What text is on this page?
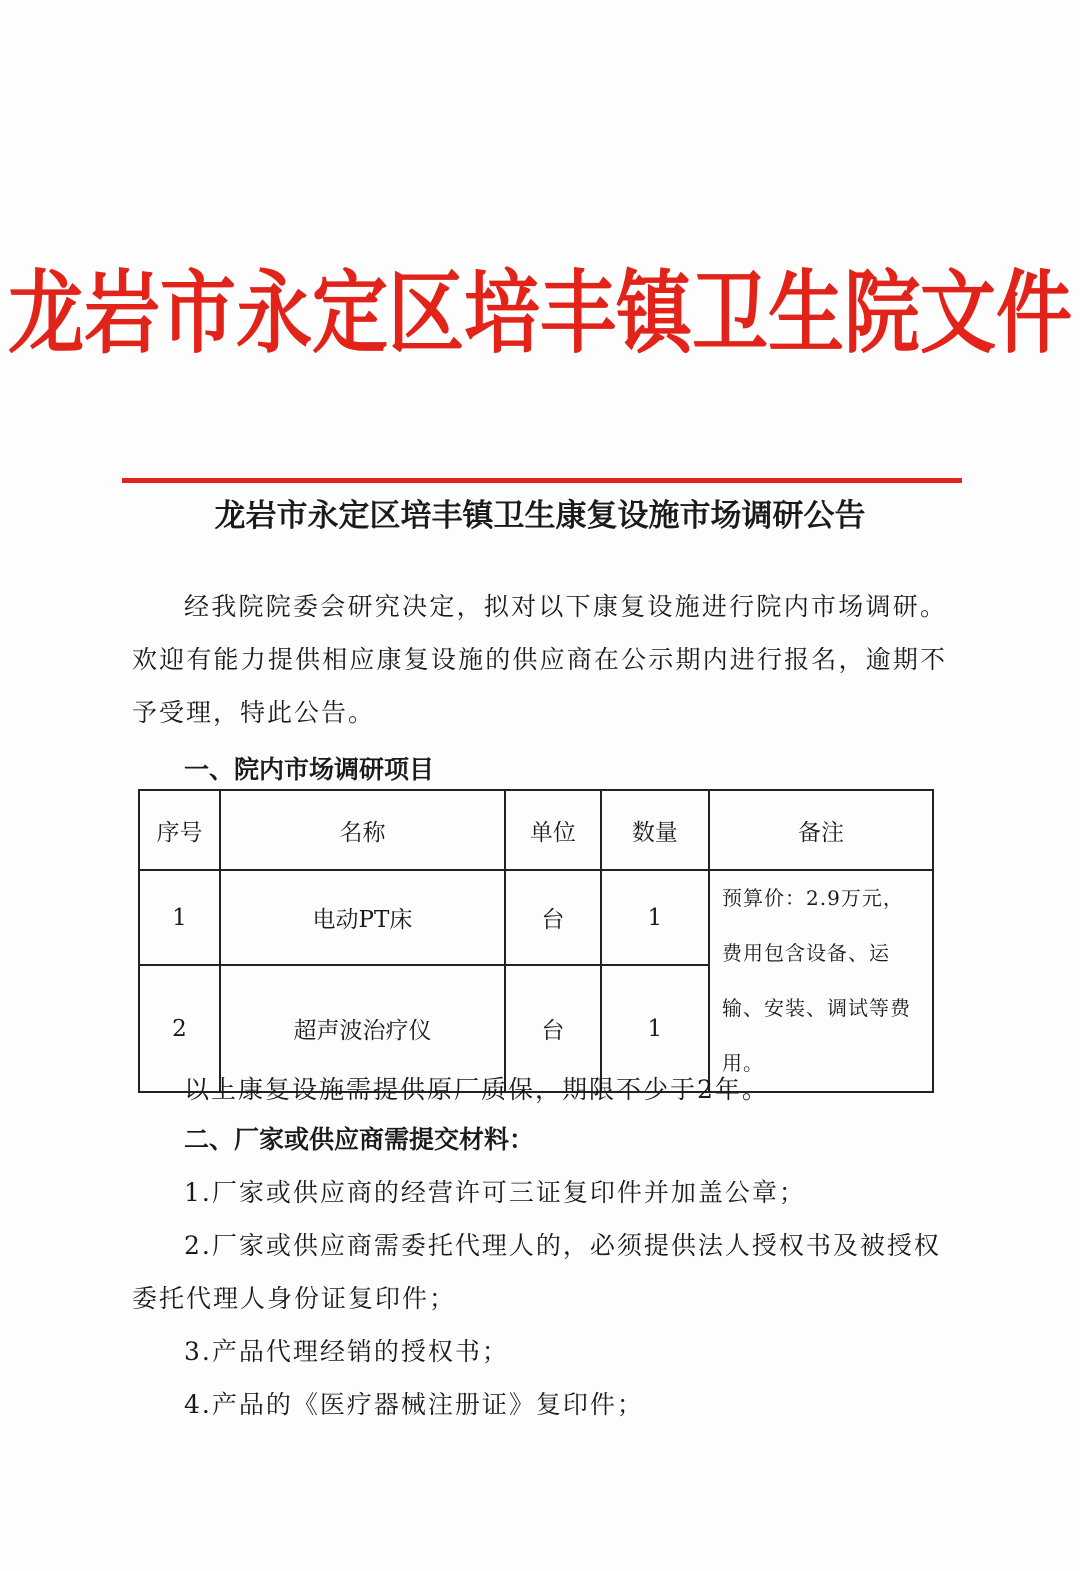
龙岩市永定区培丰镇卫生院文件
龙岩市永定区培丰镇卫生康复设施市场调研公告
经我院院委会研究决定，拟对以下康复设施进行院内市场调研。欢迎有能力提供相应康复设施的供应商在公示期内进行报名，逾期不予受理，特此公告。
一、院内市场调研项目
序号	名称	单位	数量	备注
1	电动PT床	台	1	预算价：2.9万元，费用包含设备、运输、安装、调试等费用。
2	超声波治疗仪	台	1	
以上康复设施需提供原厂质保，期限不少于2年。
二、厂家或供应商需提交材料：
1.厂家或供应商的经营许可三证复印件并加盖公章；
2.厂家或供应商需委托代理人的，必须提供法人授权书及被授权委托代理人身份证复印件；
3.产品代理经销的授权书；
4.产品的《医疗器械注册证》复印件；
